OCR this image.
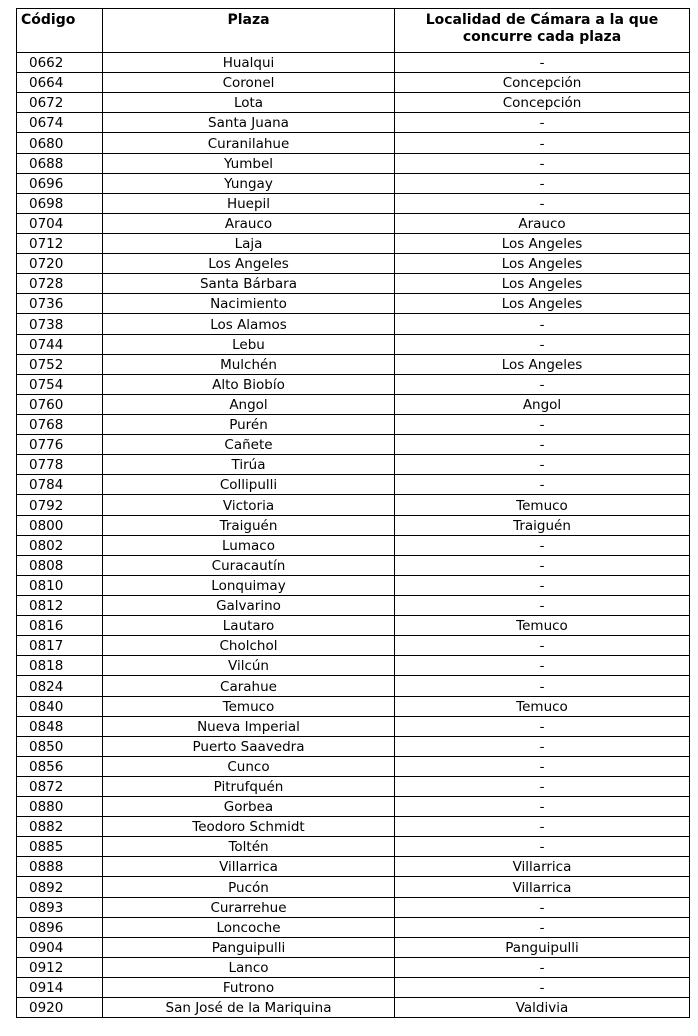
Código	Plaza	Localidad de Cámara a la que concurre cada plaza
0662	Hualqui	-
0664	Coronel	Concepción
0672	Lota	Concepción
0674	Santa Juana	-
0680	Curanilahue	-
0688	Yumbel	-
0696	Yungay	-
0698	Huepil	-
0704	Arauco	Arauco
0712	Laja	Los Angeles
0720	Los Angeles	Los Angeles
0728	Santa Bárbara	Los Angeles
0736	Nacimiento	Los Angeles
0738	Los Alamos	-
0744	Lebu	-
0752	Mulchén	Los Angeles
0754	Alto Biobío	-
0760	Angol	Angol
0768	Purén	-
0776	Cañete	-
0778	Tirúa	-
0784	Collipulli	-
0792	Victoria	Temuco
0800	Traiguén	Traiguén
0802	Lumaco	-
0808	Curacautín	-
0810	Lonquimay	-
0812	Galvarino	-
0816	Lautaro	Temuco
0817	Cholchol	-
0818	Vilcún	-
0824	Carahue	-
0840	Temuco	Temuco
0848	Nueva Imperial	-
0850	Puerto Saavedra	-
0856	Cunco	-
0872	Pitrufquén	-
0880	Gorbea	-
0882	Teodoro Schmidt	-
0885	Toltén	-
0888	Villarrica	Villarrica
0892	Pucón	Villarrica
0893	Curarrehue	-
0896	Loncoche	-
0904	Panguipulli	Panguipulli
0912	Lanco	-
0914	Futrono	-
0920	San José de la Mariquina	Valdivia
